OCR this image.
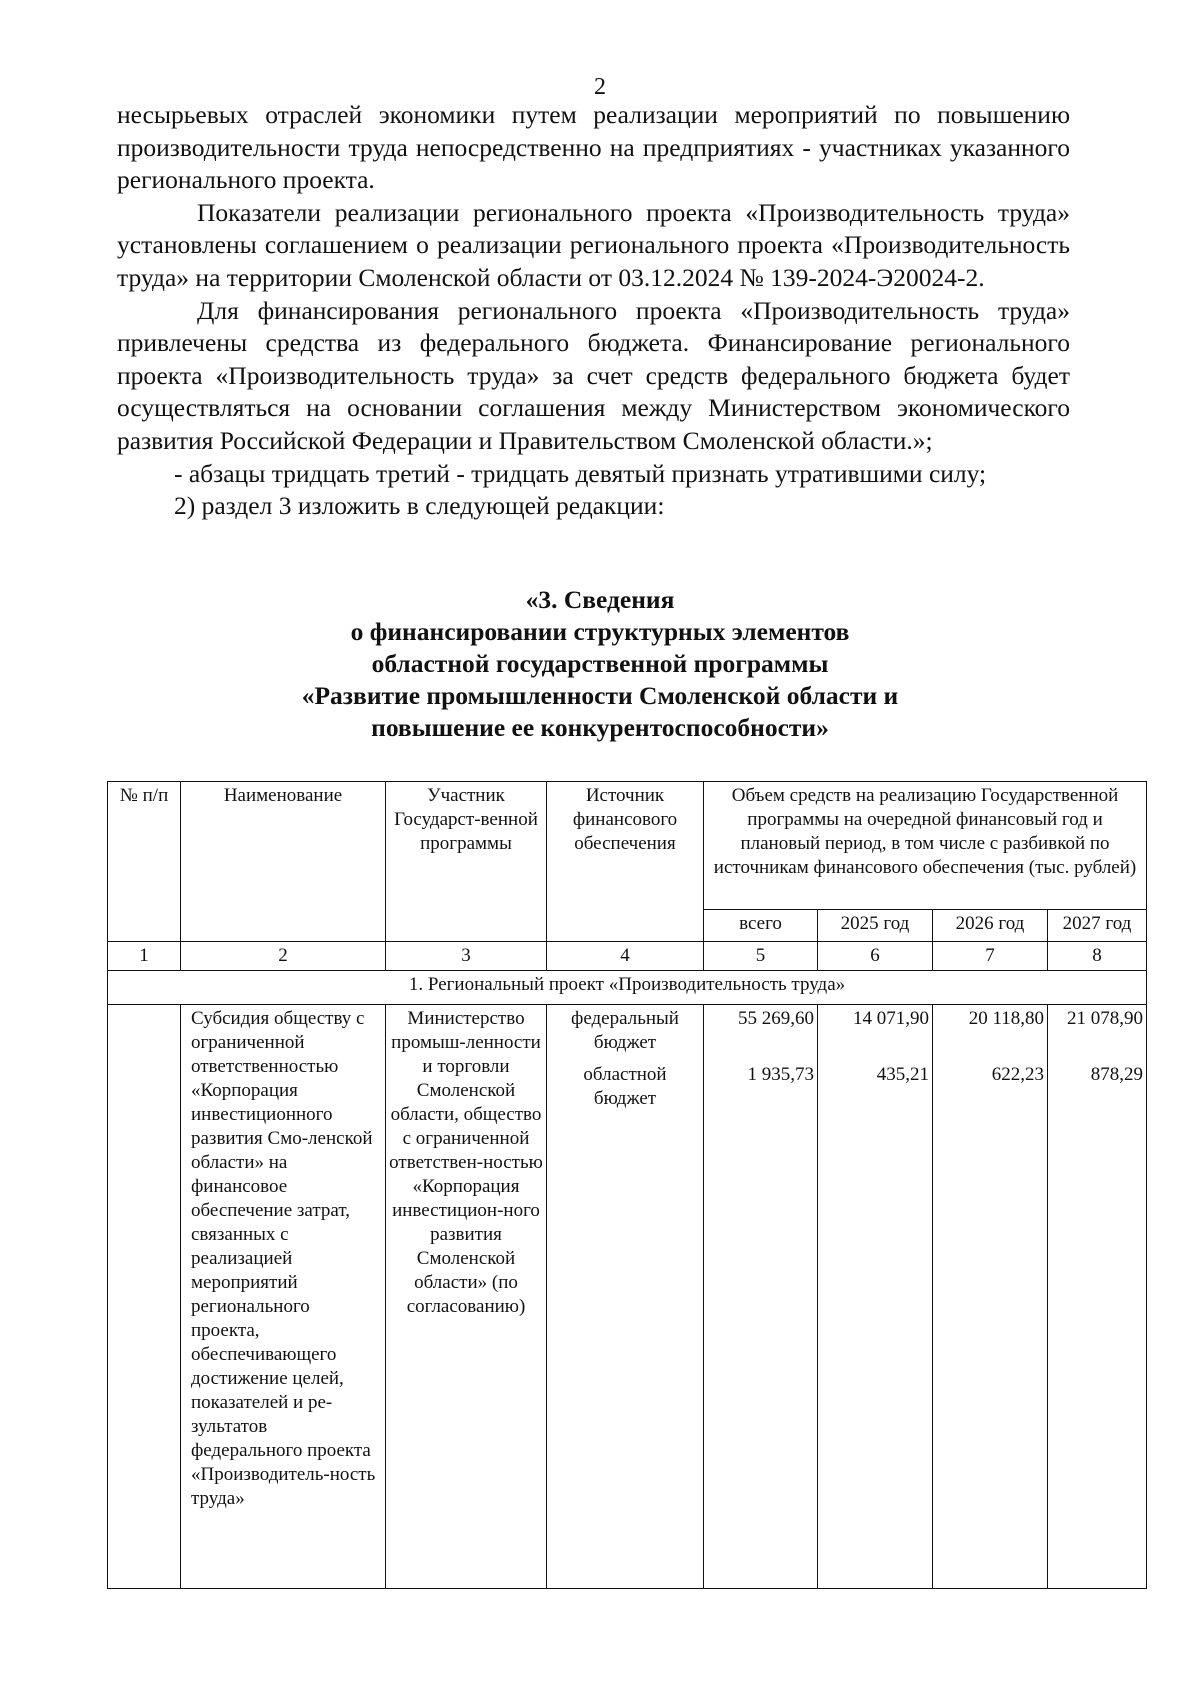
2

несырьевых отраслей экономики путем реализации мероприятий по повышению производительности труда непосредственно на предприятиях - участниках указанного регионального проекта.

Показатели реализации регионального проекта «Производительность труда» установлены соглашением о реализации регионального проекта «Производительность труда» на территории Смоленской области от 03.12.2024 № 139-2024-Э20024-2.

Для финансирования регионального проекта «Производительность труда» привлечены средства из федерального бюджета. Финансирование регионального проекта «Производительность труда» за счет средств федерального бюджета будет осуществляться на основании соглашения между Министерством экономического развития Российской Федерации и Правительством Смоленской области.»;

- абзацы тридцать третий - тридцать девятый признать утратившими силу;

2) раздел 3 изложить в следующей редакции:

«3. Сведения
о финансировании структурных элементов
областной государственной программы
«Развитие промышленности Смоленской области и
повышение ее конкурентоспособности»
№ п/п	Наименование	Участник Государст-венной программы	Источник финансового обеспечения	Объем средств на реализацию Государственной программы на очередной финансовый год и плановый период, в том числе с разбивкой по источникам финансового обеспечения (тыс. рублей)			
				всего	2025 год	2026 год	2027 год
1	2	3	4	5	6	7	8
1. Региональный проект «Производительность труда»							
	Субсидия обществу с ограниченной ответственностью «Корпорация инвестиционного развития Смо-ленской области» на финансовое обеспечение затрат, связанных с реализацией мероприятий регионального проекта, обеспечивающего достижение целей, показателей и ре-зультатов федерального проекта «Производитель-ность труда»	Министерство промыш-ленности и торговли Смоленской области, общество с ограниченной ответствен-ностью «Корпорация инвестицион-ного развития Смоленской области» (по согласованию)	федеральный бюджет	55 269,60	14 071,90	20 118,80	21 078,90
			областной бюджет	1 935,73	435,21	622,23	878,29
